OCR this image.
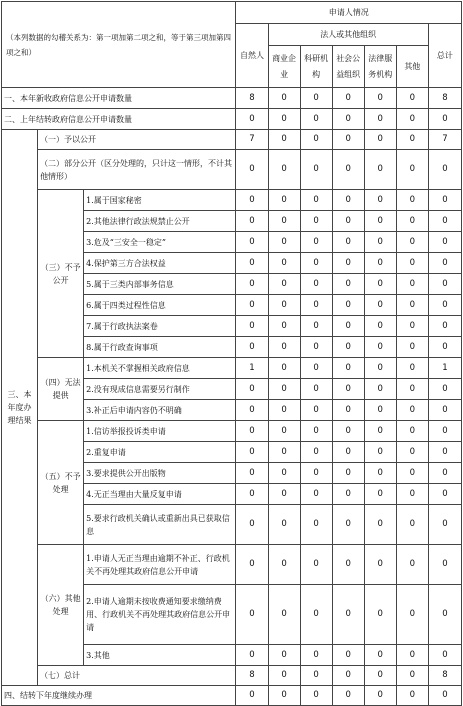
（本列数据的勾稽关系为：第一项加第二项之和，等于第三项加第四项之和）			申请人情况						
			自然人	法人或其他组织					总计
				商业企业	科研机构	社会公益组织	法律服务机构	其他	
一、本年新收政府信息公开申请数量			8	0	0	0	0	0	8
二、上年结转政府信息公开申请数量			0	0	0	0	0	0	0
三、本年度办理结果	（一）予以公开		7	0	0	0	0	0	7
	（二）部分公开（区分处理的，只计这一情形，不计其他情形）		0	0	0	0	0	0	0
	（三）不予公开	1.属于国家秘密	0	0	0	0	0	0	0
		2.其他法律行政法规禁止公开	0	0	0	0	0	0	0
		3.危及“三安全一稳定”	0	0	0	0	0	0	0
		4.保护第三方合法权益	0	0	0	0	0	0	0
		5.属于三类内部事务信息	0	0	0	0	0	0	0
		6.属于四类过程性信息	0	0	0	0	0	0	0
		7.属于行政执法案卷	0	0	0	0	0	0	0
		8.属于行政查询事项	0	0	0	0	0	0	0
	（四）无法提供	1.本机关不掌握相关政府信息	1	0	0	0	0	0	1
		2.没有现成信息需要另行制作	0	0	0	0	0	0	0
		3.补正后申请内容仍不明确	0	0	0	0	0	0	0
	（五）不予处理	1.信访举报投诉类申请	0	0	0	0	0	0	0
		2.重复申请	0	0	0	0	0	0	0
		3.要求提供公开出版物	0	0	0	0	0	0	0
		4.无正当理由大量反复申请	0	0	0	0	0	0	0
		5.要求行政机关确认或重新出具已获取信息	0	0	0	0	0	0	0
	（六）其他处理	1.申请人无正当理由逾期不补正、行政机关不再处理其政府信息公开申请	0	0	0	0	0	0	0
		2.申请人逾期未按收费通知要求缴纳费用、行政机关不再处理其政府信息公开申请	0	0	0	0	0	0	0
		3.其他	0	0	0	0	0	0	0
	（七）总计		8	0	0	0	0	0	8
四、结转下年度继续办理			0	0	0	0	0	0	0
